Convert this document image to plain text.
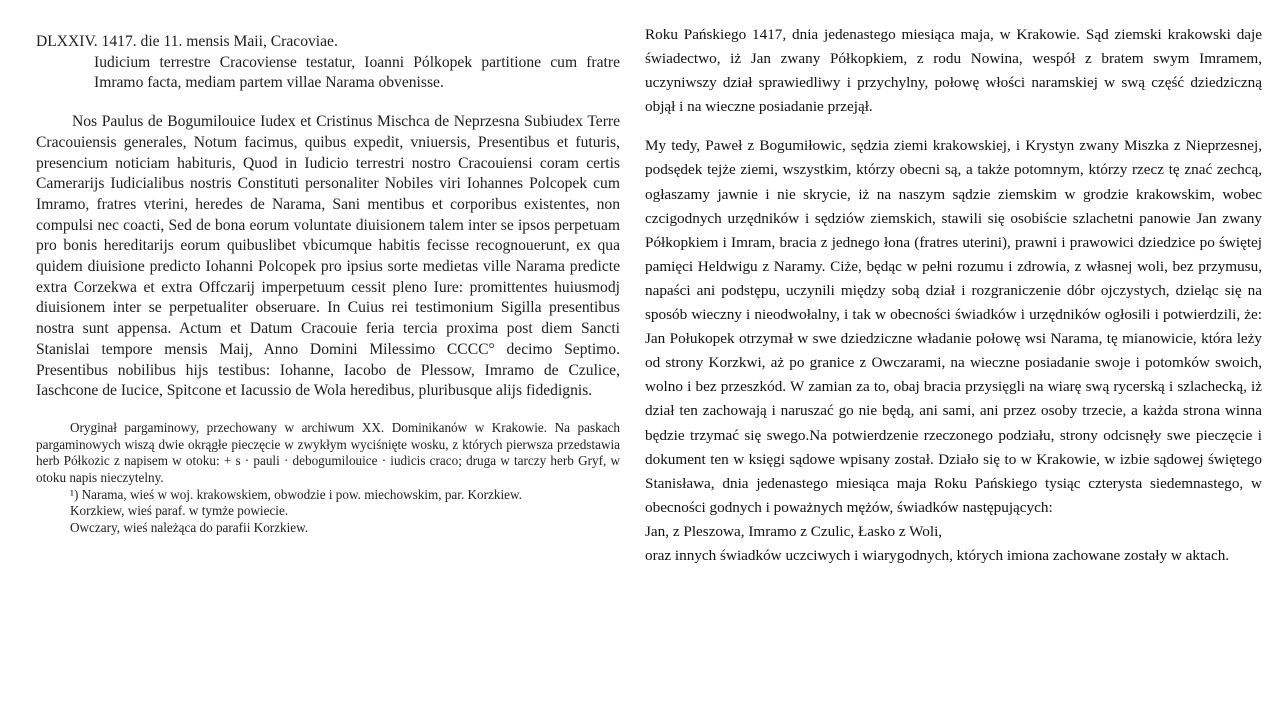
DLXXIV. 1417. die 11. mensis Maii, Cracoviae.

Iudicium terrestre Cracoviense testatur, Ioanni Pólkopek partitione cum fratre Imramo facta, mediam partem villae Narama obvenisse.

Nos Paulus de Bogumilouice Iudex et Cristinus Mischca de Neprzesna Subiudex Terre Cracouiensis generales, Notum facimus, quibus expedit, vniuersis, Presentibus et futuris, presencium noticiam habituris, Quod in Iudicio terrestri nostro Cracouiensi coram certis Camerarijs Iudicialibus nostris Constituti personaliter Nobiles viri Iohannes Polcopek cum Imramo, fratres vterini, heredes de Narama, Sani mentibus et corporibus existentes, non compulsi nec coacti, Sed de bona eorum voluntate diuisionem talem inter se ipsos perpetuam pro bonis hereditarijs eorum quibuslibet vbicumque habitis fecisse recognouerunt, ex qua quidem diuisione predicto Iohanni Polcopek pro ipsius sorte medietas ville Narama predicte extra Corzekwa et extra Offczarij imperpetuum cessit pleno Iure: promittentes huiusmodj diuisionem inter se perpetualiter obseruare. In Cuius rei testimonium Sigilla presentibus nostra sunt appensa. Actum et Datum Cracouie feria tercia proxima post diem Sancti Stanislai tempore mensis Maij, Anno Domini Milessimo CCCC° decimo Septimo. Presentibus nobilibus hijs testibus: Iohanne, Iacobo de Plessow, Imramo de Czulice, Iaschcone de Iucice, Spitcone et Iacussio de Wola heredibus, pluribusque alijs fidedignis.

Oryginał pargaminowy, przechowany w archiwum XX. Dominikanów w Krakowie. Na paskach pargaminowych wiszą dwie okrągłe pieczęcie w zwykłym wyciśnięte wosku, z których pierwsza przedstawia herb Półkozic z napisem w otoku: + s · pauli · debogumilouice · iudicis craco; druga w tarczy herb Gryf, w otoku napis nieczytelny.

¹) Narama, wieś w woj. krakowskiem, obwodzie i pow. miechowskim, par. Korzkiew.

Korzkiew, wieś paraf. w tymże powiecie.

Owczary, wieś należąca do parafii Korzkiew.

Roku Pańskiego 1417, dnia jedenastego miesiąca maja, w Krakowie. Sąd ziemski krakowski daje świadectwo, iż Jan zwany Półkopkiem, z rodu Nowina, wespół z bratem swym Imramem, uczyniwszy dział sprawiedliwy i przychylny, połowę włości naramskiej w swą część dziedziczną objął i na wieczne posiadanie przejął.

My tedy, Paweł z Bogumiłowic, sędzia ziemi krakowskiej, i Krystyn zwany Miszka z Nieprzesnej, podsędek tejże ziemi, wszystkim, którzy obecni są, a także potomnym, którzy rzecz tę znać zechcą, ogłaszamy jawnie i nie skrycie, iż na naszym sądzie ziemskim w grodzie krakowskim, wobec czcigodnych urzędników i sędziów ziemskich, stawili się osobiście szlachetni panowie Jan zwany Półkopkiem i Imram, bracia z jednego łona (fratres uterini), prawni i prawowici dziedzice po świętej pamięci Heldwigu z Naramy. Ciże, będąc w pełni rozumu i zdrowia, z własnej woli, bez przymusu, napaści ani podstępu, uczynili między sobą dział i rozgraniczenie dóbr ojczystych, dzieląc się na sposób wieczny i nieodwołalny, i tak w obecności świadków i urzędników ogłosili i potwierdzili, że: Jan Połukopek otrzymał w swe dziedziczne władanie połowę wsi Narama, tę mianowicie, która leży od strony Korzkwi, aż po granice z Owczarami, na wieczne posiadanie swoje i potomków swoich, wolno i bez przeszkód. W zamian za to, obaj bracia przysięgli na wiarę swą rycerską i szlachecką, iż dział ten zachowają i naruszać go nie będą, ani sami, ani przez osoby trzecie, a każda strona winna będzie trzymać się swego.Na potwierdzenie rzeczonego podziału, strony odcisnęły swe pieczęcie i dokument ten w księgi sądowe wpisany został. Działo się to w Krakowie, w izbie sądowej świętego Stanisława, dnia jedenastego miesiąca maja Roku Pańskiego tysiąc czterysta siedemnastego, w obecności godnych i poważnych mężów, świadków następujących:

Jan, z Pleszowa, Imramo z Czulic, Łasko z Woli,

oraz innych świadków uczciwych i wiarygodnych, których imiona zachowane zostały w aktach.
